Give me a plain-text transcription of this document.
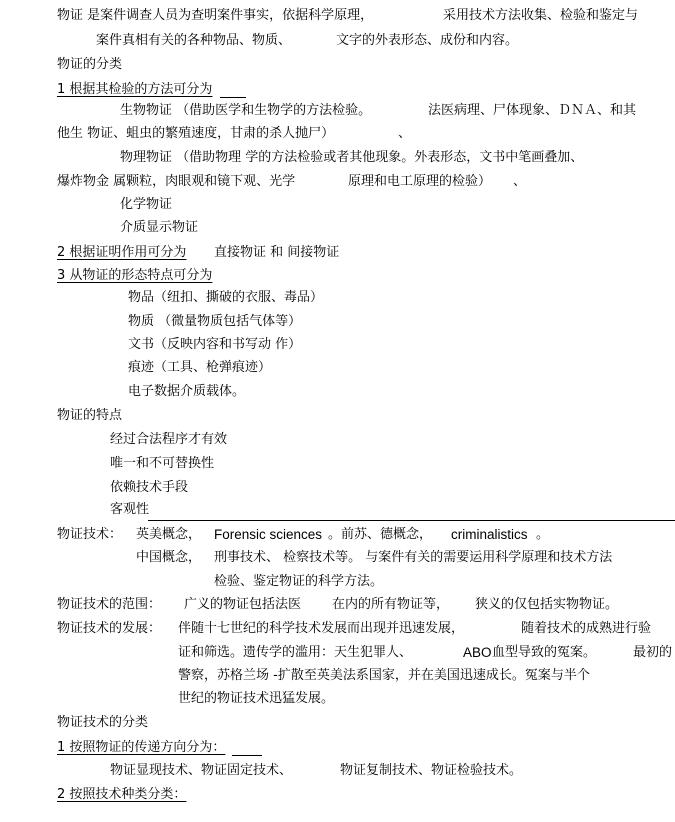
物证 是案件调查人员为查明案件事实，依据科学原理，	采用技术方法收集、检验和鉴定与
案件真相有关的各种物品、物质、	文字的外表形态、成份和内容。
物证的分类
1 根据其检验的方法可分为
生物物证 （借助医学和生物学的方法检验。	法医病理、尸体现象、ＤＮＡ、和其
他生 物证、蛆虫的繁殖速度，甘肃的杀人抛尸）	、
物理物证 （借助物理 学的方法检验或者其他现象。外表形态，文书中笔画叠加、
爆炸物金 属颗粒，肉眼观和镜下观、光学	原理和电工原理的检验） 、
化学物证
介质显示物证
2 根据证明作用可分为 直接物证 和 间接物证
3 从物证的形态特点可分为
物品（纽扣、撕破的衣服、毒品）
物质 （微量物质包括气体等）
文书（反映内容和书写动 作）
痕迹（工具、枪弹痕迹）
电子数据介质载体。
物证的特点
经过合法程序才有效
唯一和不可替换性
依赖技术手段
客观性
物证技术： 英美概念， Forensic sciences 。前苏、德概念， criminalistics 。
中国概念， 刑事技术、 检察技术等。 与案件有关的需要运用科学原理和技术方法
检验、鉴定物证的科学方法。
物证技术的范围： 广义的物证包括法医 在内的所有物证等， 狭义的仅包括实物物证。
物证技术的发展： 伴随十七世纪的科学技术发展而出现并迅速发展，	随着技术的成熟进行验
证和筛选。遗传学的滥用：天生犯罪人、	ABO 血型导致的冤案。	最初的
警察，苏格兰场 -扩散至英美法系国家，并在美国迅速成长。冤案与半个
世纪的物证技术迅猛发展。
物证技术的分类
1 按照物证的传递方向分为：
物证显现技术、物证固定技术、	物证复制技术、物证检验技术。
2 按照技术种类分类：
